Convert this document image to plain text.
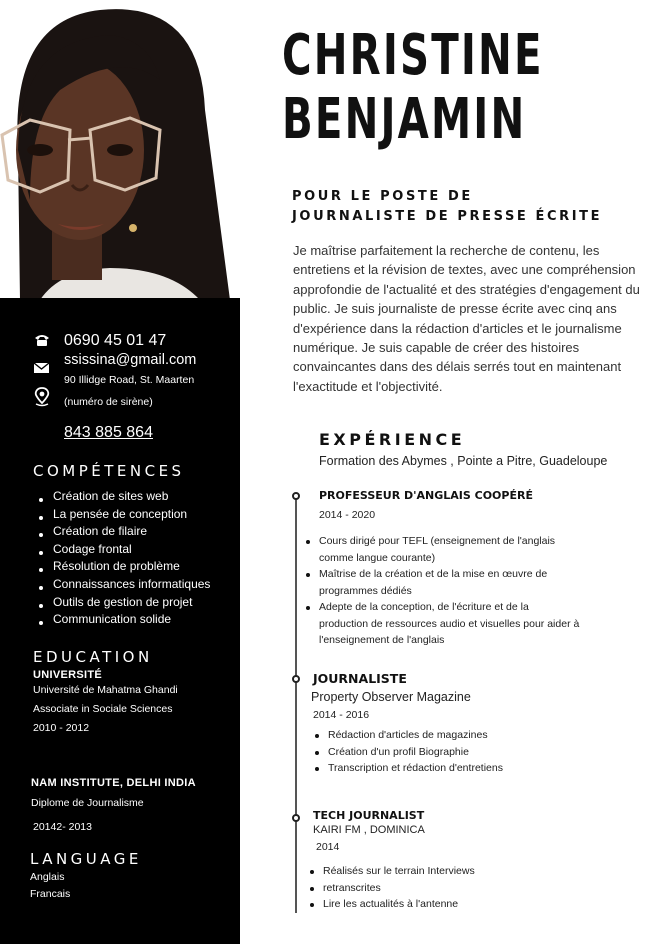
0690 45 01 47
ssissina@gmail.com
90 Illidge Road, St. Maarten
(numéro de sirène)
843 885 864
COMPÉTENCES
Création de sites web
La pensée de conception
Création de filaire
Codage frontal
Résolution de problème
Connaissances informatiques
Outils de gestion de projet
Communication solide
EDUCATION
UNIVERSITÉ
Université de Mahatma Ghandi
Associate in Sociale Sciences
2010 - 2012
NAM INSTITUTE, DELHI INDIA
Diplome de Journalisme
20142- 2013
LANGUAGE
Anglais
Francais
CHRISTINE
BENJAMIN
POUR LE POSTE DE
JOURNALISTE DE PRESSE ÉCRITE

Je maîtrise parfaitement la recherche de contenu, les entretiens et la révision de textes, avec une compréhension approfondie de l'actualité et des stratégies d'engagement du public. Je suis journaliste de presse écrite avec cinq ans d'expérience dans la rédaction d'articles et le journalisme numérique. Je suis capable de créer des histoires convaincantes dans des délais serrés tout en maintenant l'exactitude et l'objectivité.

EXPÉRIENCE
Formation des Abymes , Pointe a Pitre, Guadeloupe
PROFESSEUR D'ANGLAIS COOPÉRÉ
2014 - 2020
Cours dirigé pour TEFL (enseignement de l'anglais
comme langue courante)
Maîtrise de la création et de la mise en œuvre de
programmes dédiés
Adepte de la conception, de l'écriture et de la
production de ressources audio et visuelles pour aider à
l'enseignement de l'anglais
JOURNALISTE
Property Observer Magazine
2014 - 2016
Rédaction d'articles de magazines
Création d'un profil Biographie
Transcription et rédaction d'entretiens
TECH JOURNALIST
KAIRI FM , DOMINICA
2014
Réalisés sur le terrain Interviews
retranscrites
Lire les actualités à l'antenne
